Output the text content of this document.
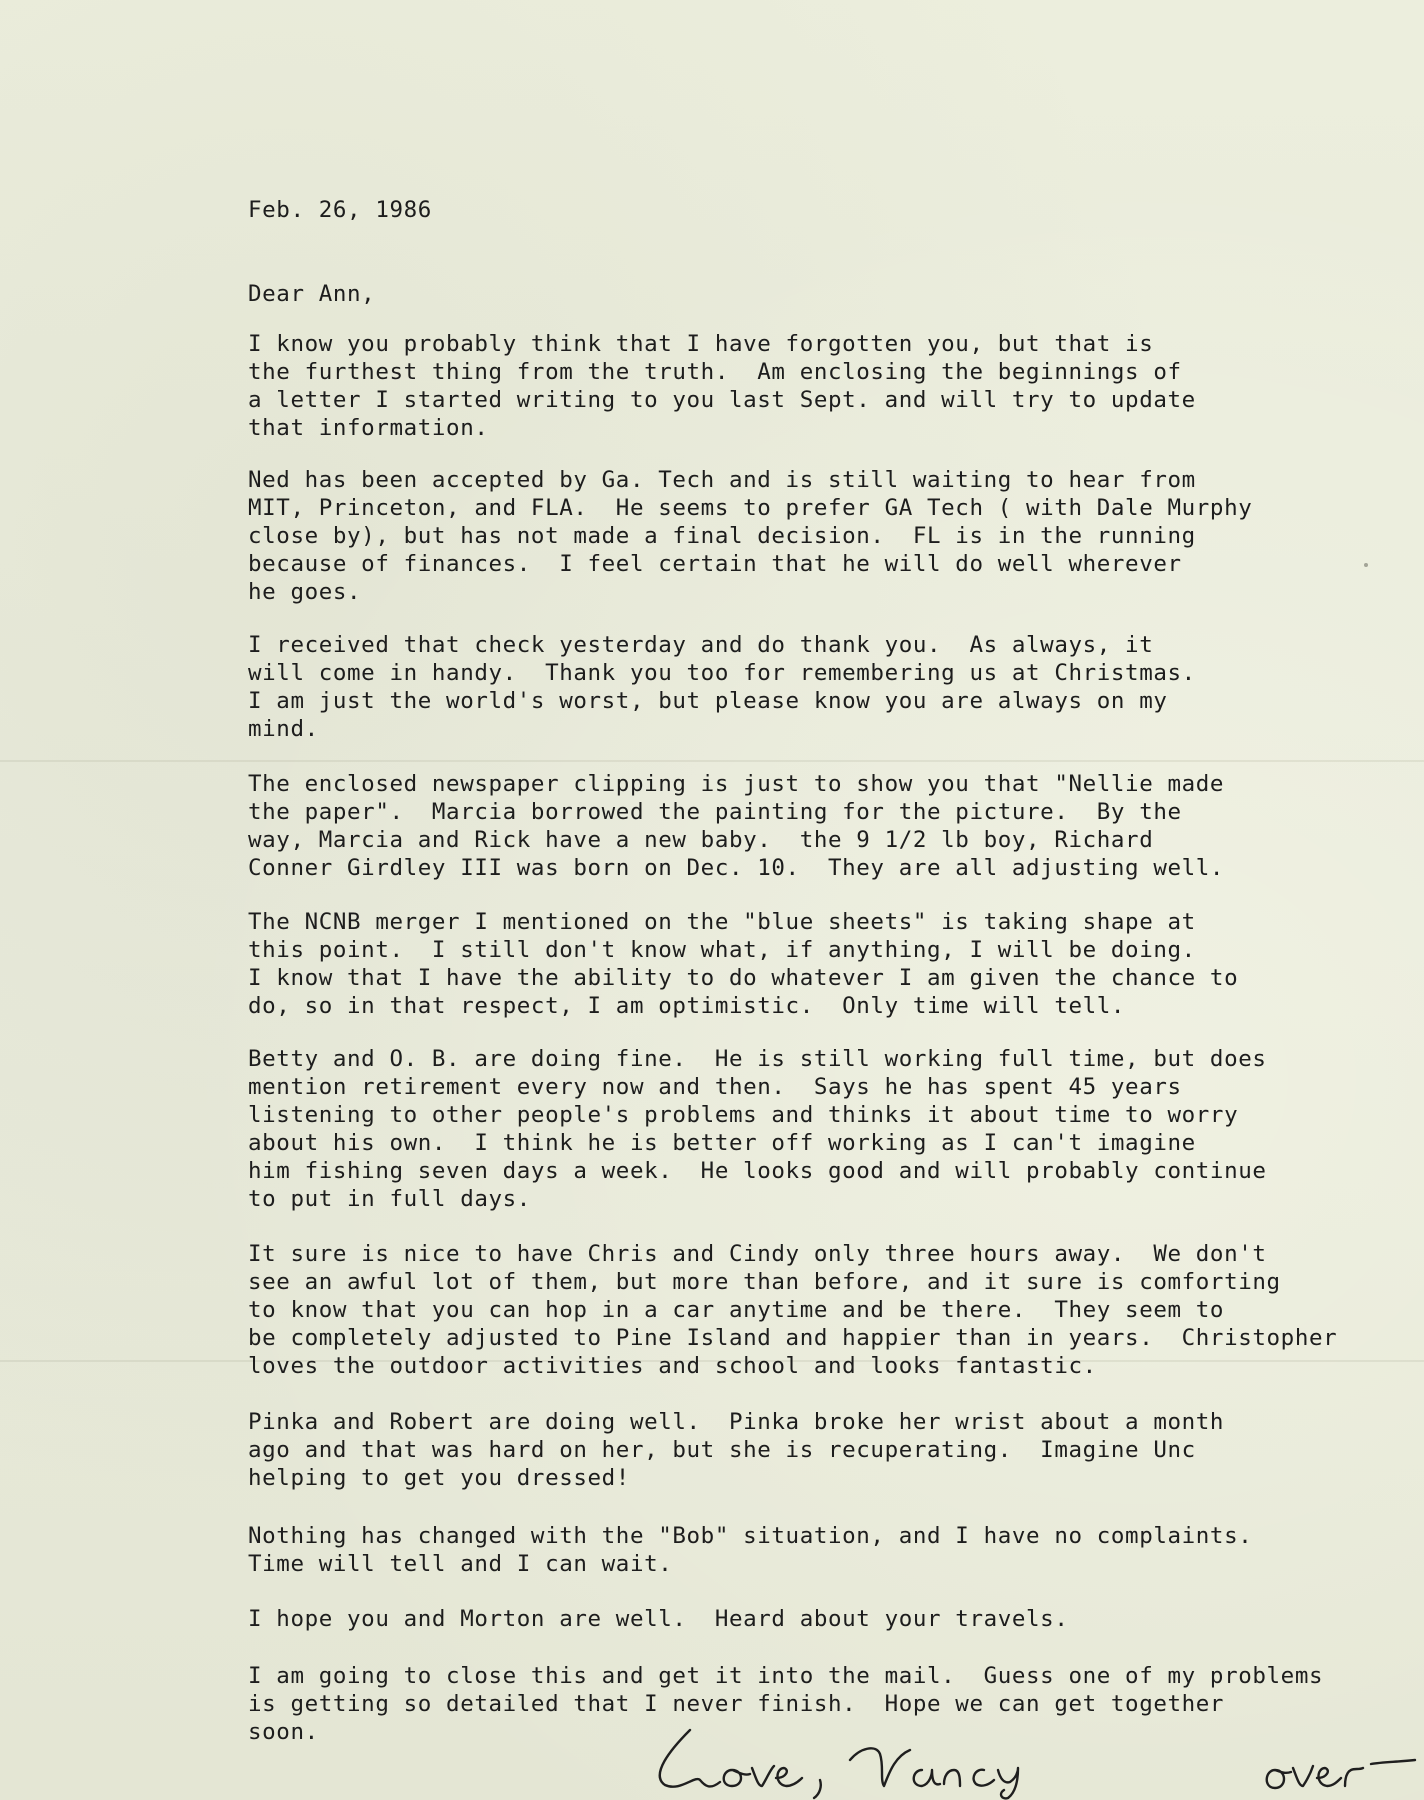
Feb. 26, 1986
Dear Ann,
I know you probably think that I have forgotten you, but that is
the furthest thing from the truth.  Am enclosing the beginnings of
a letter I started writing to you last Sept. and will try to update
that information.
Ned has been accepted by Ga. Tech and is still waiting to hear from
MIT, Princeton, and FLA.  He seems to prefer GA Tech ( with Dale Murphy
close by), but has not made a final decision.  FL is in the running
because of finances.  I feel certain that he will do well wherever
he goes.
I received that check yesterday and do thank you.  As always, it
will come in handy.  Thank you too for remembering us at Christmas.
I am just the world's worst, but please know you are always on my
mind.
The enclosed newspaper clipping is just to show you that "Nellie made
the paper".  Marcia borrowed the painting for the picture.  By the
way, Marcia and Rick have a new baby.  the 9 1/2 lb boy, Richard
Conner Girdley III was born on Dec. 10.  They are all adjusting well.
The NCNB merger I mentioned on the "blue sheets" is taking shape at
this point.  I still don't know what, if anything, I will be doing.
I know that I have the ability to do whatever I am given the chance to
do, so in that respect, I am optimistic.  Only time will tell.
Betty and O. B. are doing fine.  He is still working full time, but does
mention retirement every now and then.  Says he has spent 45 years
listening to other people's problems and thinks it about time to worry
about his own.  I think he is better off working as I can't imagine
him fishing seven days a week.  He looks good and will probably continue
to put in full days.
It sure is nice to have Chris and Cindy only three hours away.  We don't
see an awful lot of them, but more than before, and it sure is comforting
to know that you can hop in a car anytime and be there.  They seem to
be completely adjusted to Pine Island and happier than in years.  Christopher
loves the outdoor activities and school and looks fantastic.
Pinka and Robert are doing well.  Pinka broke her wrist about a month
ago and that was hard on her, but she is recuperating.  Imagine Unc
helping to get you dressed!
Nothing has changed with the "Bob" situation, and I have no complaints.
Time will tell and I can wait.
I hope you and Morton are well.  Heard about your travels.
I am going to close this and get it into the mail.  Guess one of my problems
is getting so detailed that I never finish.  Hope we can get together
soon.
